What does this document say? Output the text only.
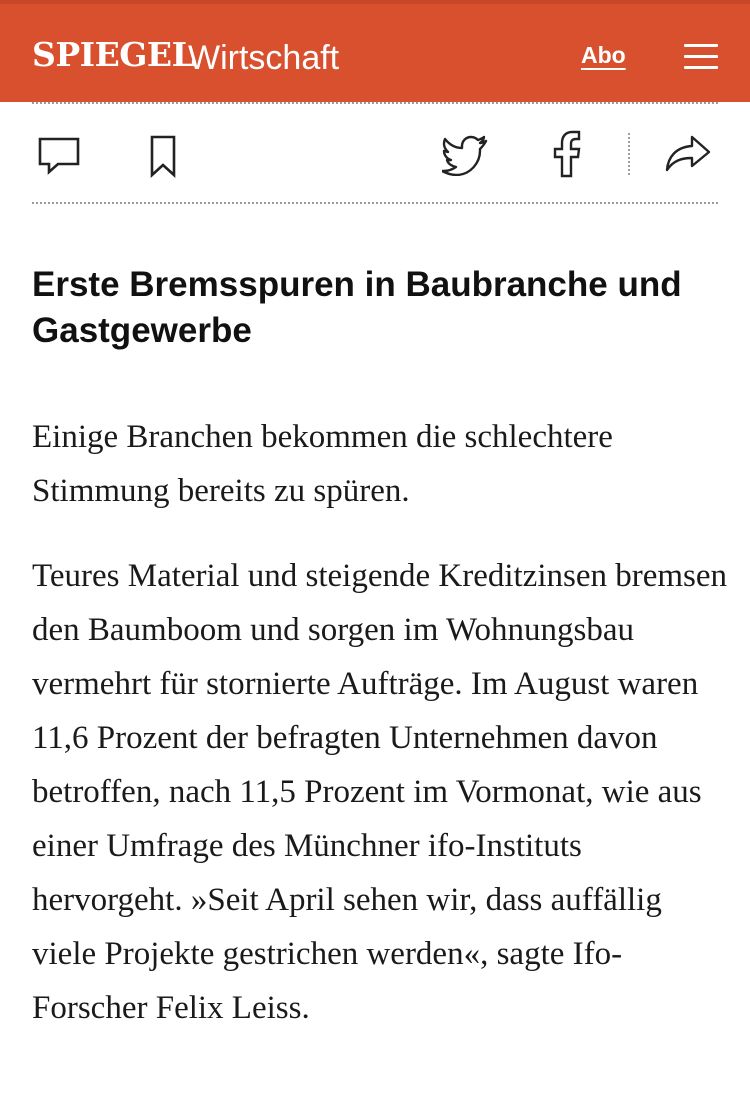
SPIEGEL
Wirtschaft	Abo
Erste Bremsspuren in Baubranche und Gastgewerbe

Einige Branchen bekommen die schlechtere Stimmung bereits zu spüren.

Teures Material und steigende Kreditzinsen bremsen den Baumboom und sorgen im Wohnungsbau vermehrt für stornierte Aufträge. Im August waren 11,6 Prozent der befragten Unternehmen davon betroffen, nach 11,5 Prozent im Vormonat, wie aus einer Umfrage des Münchner ifo-Instituts hervorgeht. »Seit April sehen wir, dass auffällig viele Projekte gestrichen werden«, sagte Ifo-Forscher Felix Leiss.
